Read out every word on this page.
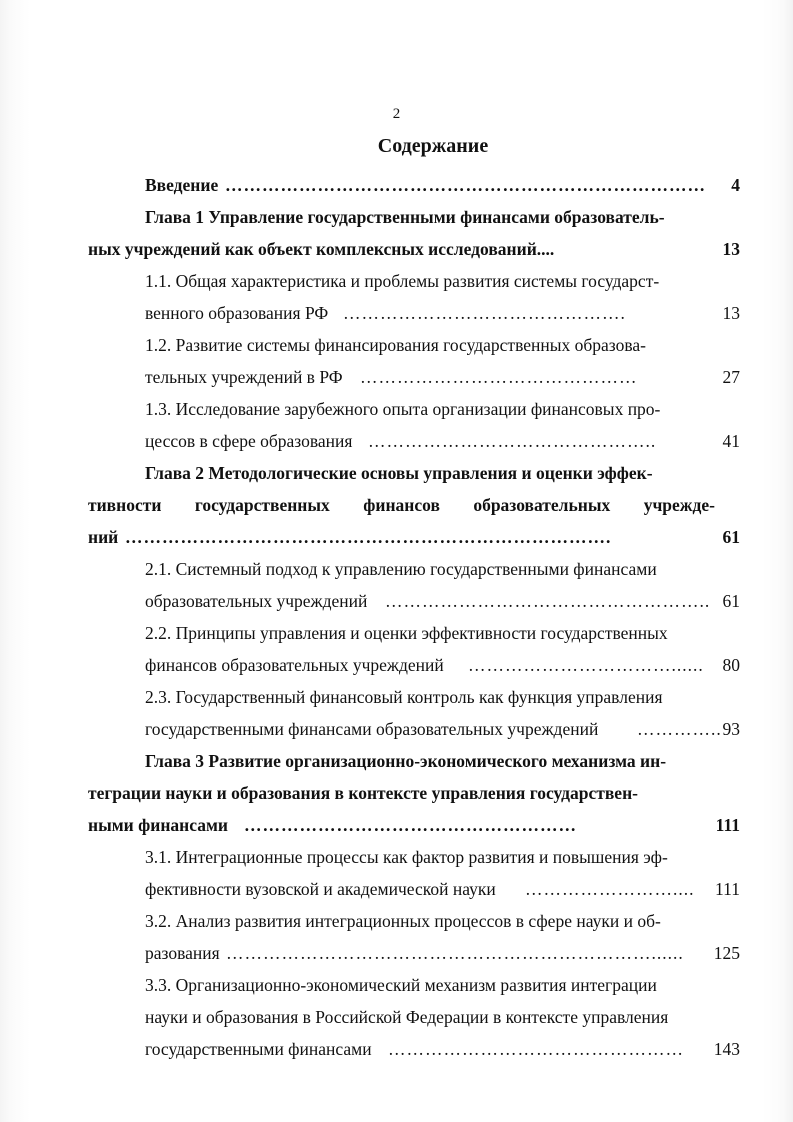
2
Содержание
Введение …………………………………………………………………… 4
Глава 1 Управление государственными финансами образователь-
ных учреждений как объект комплексных исследований....	13
1.1. Общая характеристика и проблемы развития системы государст-
венного образования РФ ……………………………………….	13
1.2. Развитие системы финансирования государственных образова-
тельных учреждений в РФ ………………………………………	27
1.3. Исследование зарубежного опыта организации финансовых про-
цессов в сфере образования ………………………………………..	41
Глава 2 Методологические основы управления и оценки эффек-
тивности государственных финансов образовательных учрежде-
ний …………………………………………………………………….	61
2.1. Системный подход к управлению государственными финансами
образовательных учреждений …………………………………………….. 61
2.2. Принципы управления и оценки эффективности государственных
финансов образовательных учреждений ……………………………...... 80
2.3. Государственный финансовый контроль как функция управления
государственными финансами образовательных учреждений ………….. 93
Глава 3 Развитие организационно-экономического механизма ин-
теграции науки и образования в контексте управления государствен-
ными финансами ………………………………………………	111
3.1. Интеграционные процессы как фактор развития и повышения эф-
фективности вузовской и академической науки …………………….... 111
3.2. Анализ развития интеграционных процессов в сфере науки и об-
разования ……………………………………………………………...... 125
3.3. Организационно-экономический механизм развития интеграции
науки и образования в Российской Федерации в контексте управления
государственными финансами ………………………………………… 143
